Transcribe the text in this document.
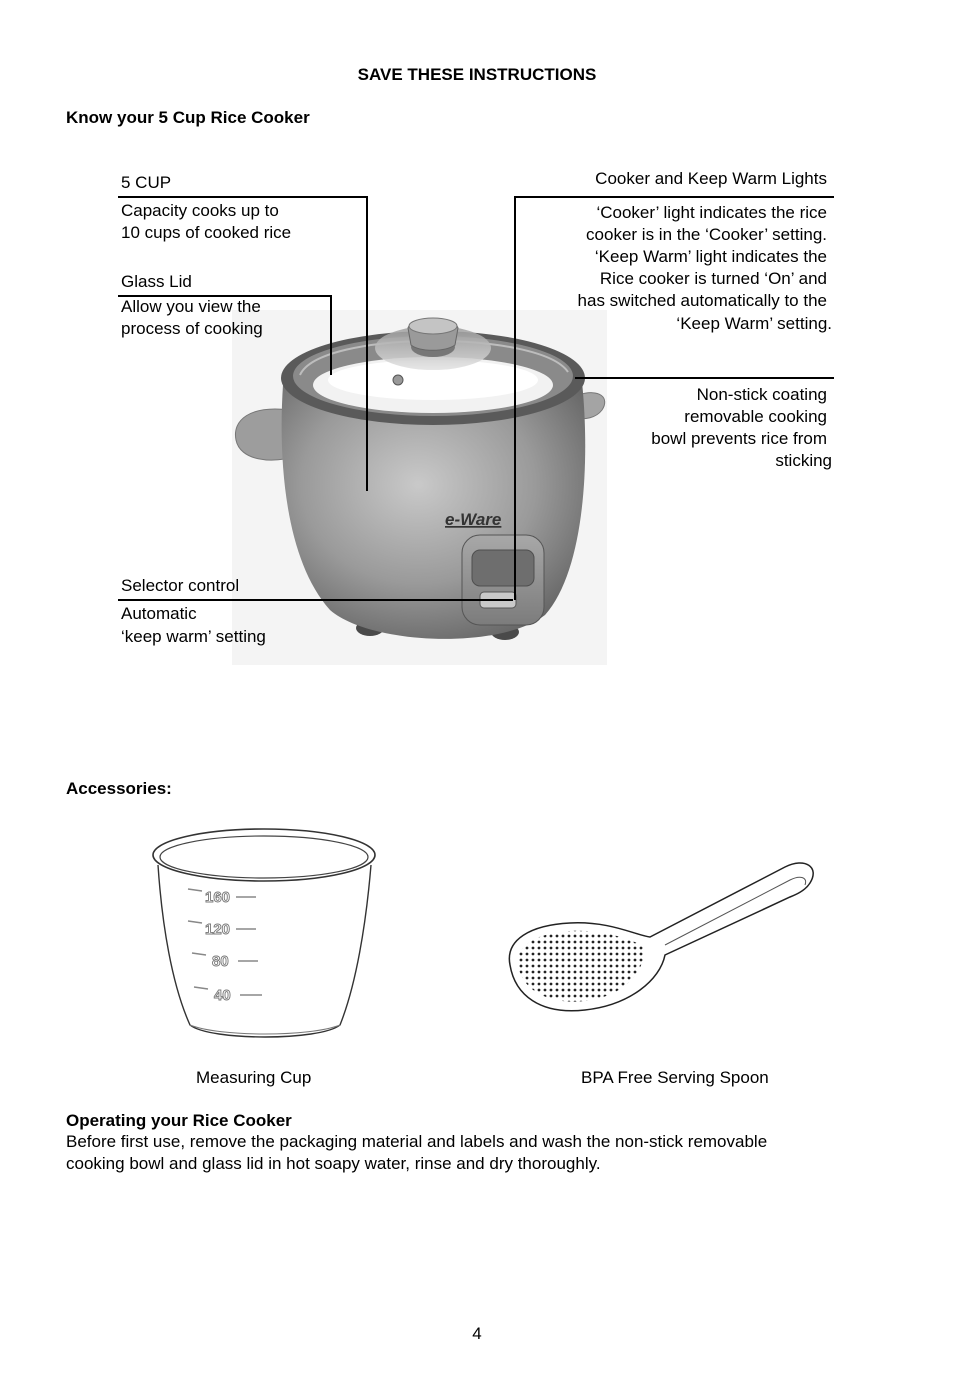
SAVE THESE INSTRUCTIONS
Know your 5 Cup Rice Cooker
e-Ware
5 CUP
Capacity cooks up to
10 cups of cooked rice
Glass Lid
Allow you view the
process of cooking
Selector control
Automatic
‘keep warm’ setting
Cooker and Keep Warm Lights
‘Cooker’ light indicates the rice
cooker is in the ‘Cooker’ setting.
‘Keep Warm’ light indicates the
Rice cooker is turned ‘On’ and
has switched automatically to the
‘Keep Warm’ setting.
Non-stick coating
removable cooking
bowl prevents rice from
sticking
Accessories:
160
120
80
40
Measuring Cup	BPA Free Serving Spoon
Operating your Rice Cooker
Before first use, remove the packaging material and labels and wash the non-stick removable
cooking bowl and glass lid in hot soapy water, rinse and dry thoroughly.
4
